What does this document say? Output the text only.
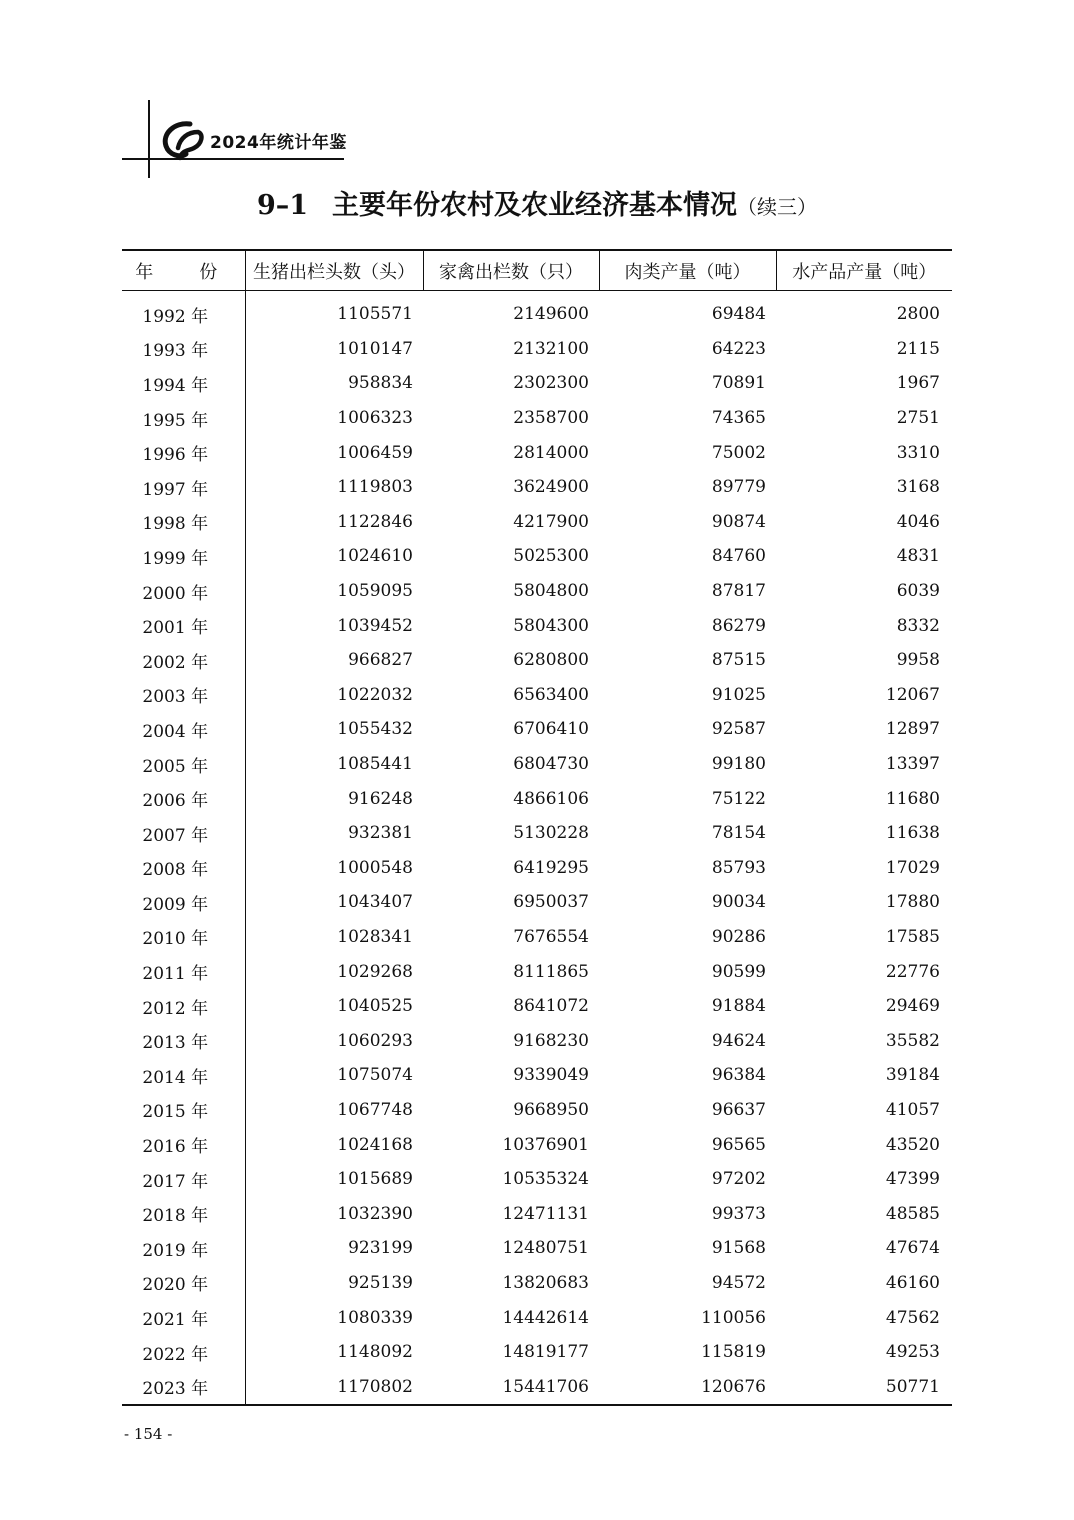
2024年统计年鉴
9–1 主要年份农村及农业经济基本情况（续三）
年　份	生猪出栏头数（头）	家禽出栏数（只）	肉类产量（吨）	水产品产量（吨）
1992 年	1105571	2149600	69484	2800
1993 年	1010147	2132100	64223	2115
1994 年	958834	2302300	70891	1967
1995 年	1006323	2358700	74365	2751
1996 年	1006459	2814000	75002	3310
1997 年	1119803	3624900	89779	3168
1998 年	1122846	4217900	90874	4046
1999 年	1024610	5025300	84760	4831
2000 年	1059095	5804800	87817	6039
2001 年	1039452	5804300	86279	8332
2002 年	966827	6280800	87515	9958
2003 年	1022032	6563400	91025	12067
2004 年	1055432	6706410	92587	12897
2005 年	1085441	6804730	99180	13397
2006 年	916248	4866106	75122	11680
2007 年	932381	5130228	78154	11638
2008 年	1000548	6419295	85793	17029
2009 年	1043407	6950037	90034	17880
2010 年	1028341	7676554	90286	17585
2011 年	1029268	8111865	90599	22776
2012 年	1040525	8641072	91884	29469
2013 年	1060293	9168230	94624	35582
2014 年	1075074	9339049	96384	39184
2015 年	1067748	9668950	96637	41057
2016 年	1024168	10376901	96565	43520
2017 年	1015689	10535324	97202	47399
2018 年	1032390	12471131	99373	48585
2019 年	923199	12480751	91568	47674
2020 年	925139	13820683	94572	46160
2021 年	1080339	14442614	110056	47562
2022 年	1148092	14819177	115819	49253
2023 年	1170802	15441706	120676	50771
- 154 -
